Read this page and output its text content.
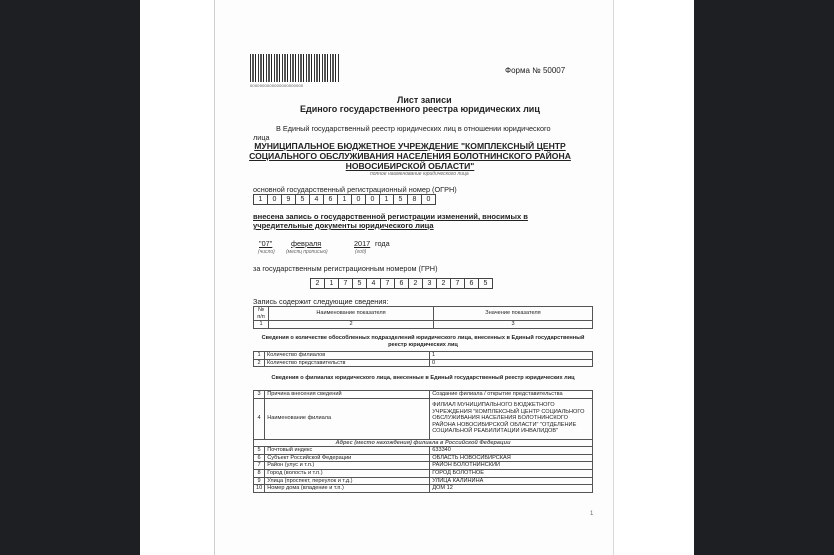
0000000000000000000000
Форма № 50007
Лист записи
Единого государственного реестра юридических лиц
В Единый государственный реестр юридических лиц в отношении юридического
лица
МУНИЦИПАЛЬНОЕ БЮДЖЕТНОЕ УЧРЕЖДЕНИЕ "КОМПЛЕКСНЫЙ ЦЕНТР СОЦИАЛЬНОГО ОБСЛУЖИВАНИЯ НАСЕЛЕНИЯ БОЛОТНИНСКОГО РАЙОНА НОВОСИБИРСКОЙ ОБЛАСТИ"
полное наименование юридического лица
основной государственный регистрационный номер (ОГРН)
1	0	9	5	4	6	1	0	0	1	5	8	0
внесена запись о государственной регистрации изменений, вносимых в
учредительные документы юридического лица
"07"	февраля	2017 года
(число) (месяц прописью)	(год)
за государственным регистрационным номером (ГРН)
2	1	7	5	4	7	6	2	3	2	7	6	5
Запись содержит следующие сведения:
№ п/п	Наименование показателя	Значение показателя
1	2	3
Сведения о количестве обособленных подразделений юридического лица, внесенных в Единый государственный реестр юридических лиц
1	Количество филиалов	1
2	Количество представительств	0
Сведения о филиалах юридического лица, внесенные в Единый государственный реестр юридических лиц
3	Причина внесения сведений	Создание филиала / открытие представительства
4	Наименование филиала	ФИЛИАЛ МУНИЦИПАЛЬНОГО БЮДЖЕТНОГО УЧРЕЖДЕНИЯ "КОМПЛЕКСНЫЙ ЦЕНТР СОЦИАЛЬНОГО ОБСЛУЖИВАНИЯ НАСЕЛЕНИЯ БОЛОТНИНСКОГО РАЙОНА НОВОСИБИРСКОЙ ОБЛАСТИ" "ОТДЕЛЕНИЕ СОЦИАЛЬНОЙ РЕАБИЛИТАЦИИ ИНВАЛИДОВ"
Адрес (место нахождения) филиала в Российской Федерации		
5	Почтовый индекс	633340
6	Субъект Российской Федерации	ОБЛАСТЬ НОВОСИБИРСКАЯ
7	Район (улус и т.п.)	РАЙОН БОЛОТНИНСКИЙ
8	Город (волость и т.п.)	ГОРОД БОЛОТНОЕ
9	Улица (проспект, переулок и т.д.)	УЛИЦА КАЛИНИНА
10	Номер дома (владение и т.п.)	ДОМ 12
1
